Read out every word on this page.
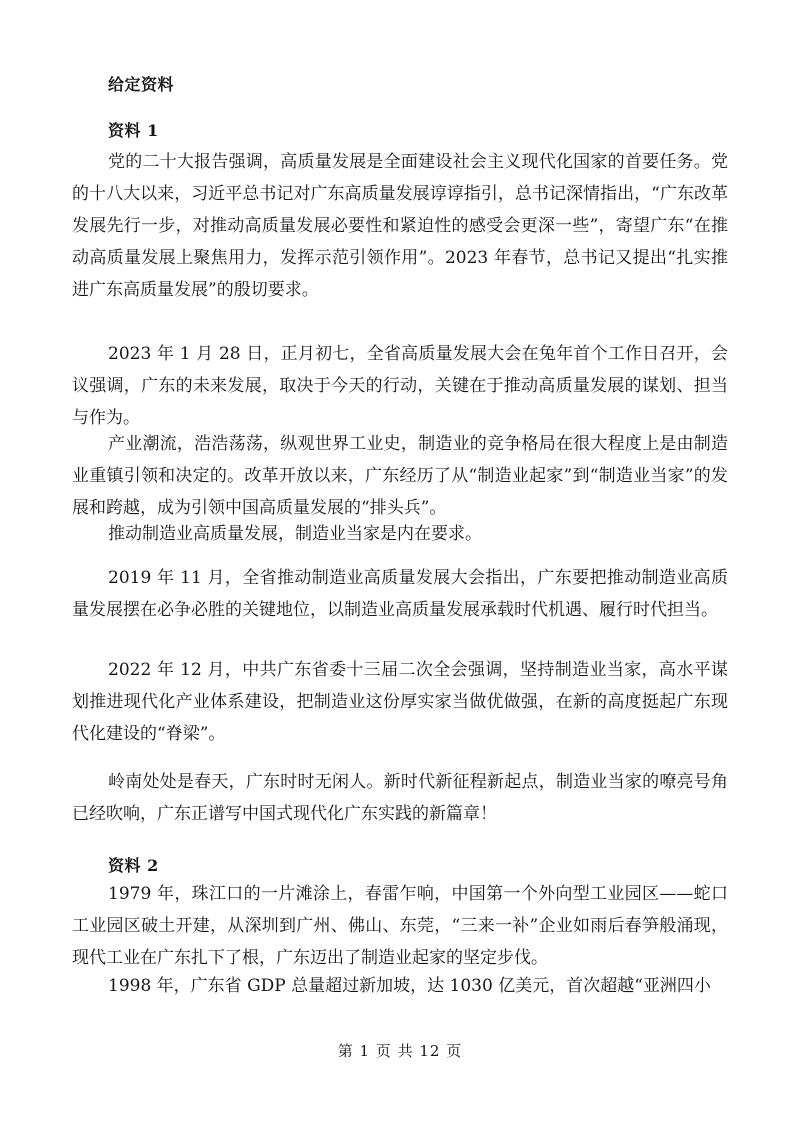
给定资料
资料 1

党的二十大报告强调，高质量发展是全面建设社会主义现代化国家的首要任务。党的十八大以来，习近平总书记对广东高质量发展谆谆指引，总书记深情指出，“广东改革发展先行一步，对推动高质量发展必要性和紧迫性的感受会更深一些”，寄望广东“在推动高质量发展上聚焦用力，发挥示范引领作用”。2023 年春节，总书记又提出“扎实推进广东高质量发展”的殷切要求。

2023 年 1 月 28 日，正月初七，全省高质量发展大会在兔年首个工作日召开，会议强调，广东的未来发展，取决于今天的行动，关键在于推动高质量发展的谋划、担当与作为。

产业潮流，浩浩荡荡，纵观世界工业史，制造业的竞争格局在很大程度上是由制造业重镇引领和决定的。改革开放以来，广东经历了从“制造业起家”到“制造业当家”的发展和跨越，成为引领中国高质量发展的“排头兵”。

推动制造业高质量发展，制造业当家是内在要求。

2019 年 11 月，全省推动制造业高质量发展大会指出，广东要把推动制造业高质量发展摆在必争必胜的关键地位，以制造业高质量发展承载时代机遇、履行时代担当。

2022 年 12 月，中共广东省委十三届二次全会强调，坚持制造业当家，高水平谋划推进现代化产业体系建设，把制造业这份厚实家当做优做强，在新的高度挺起广东现代化建设的“脊梁”。

岭南处处是春天，广东时时无闲人。新时代新征程新起点，制造业当家的嘹亮号角已经吹响，广东正谱写中国式现代化广东实践的新篇章！

资料 2

1979 年，珠江口的一片滩涂上，春雷乍响，中国第一个外向型工业园区——蛇口工业园区破土开建，从深圳到广州、佛山、东莞，“三来一补”企业如雨后春笋般涌现，现代工业在广东扎下了根，广东迈出了制造业起家的坚定步伐。

1998 年，广东省 GDP 总量超过新加坡，达 1030 亿美元，首次超越“亚洲四小

第 1 页 共 12 页
